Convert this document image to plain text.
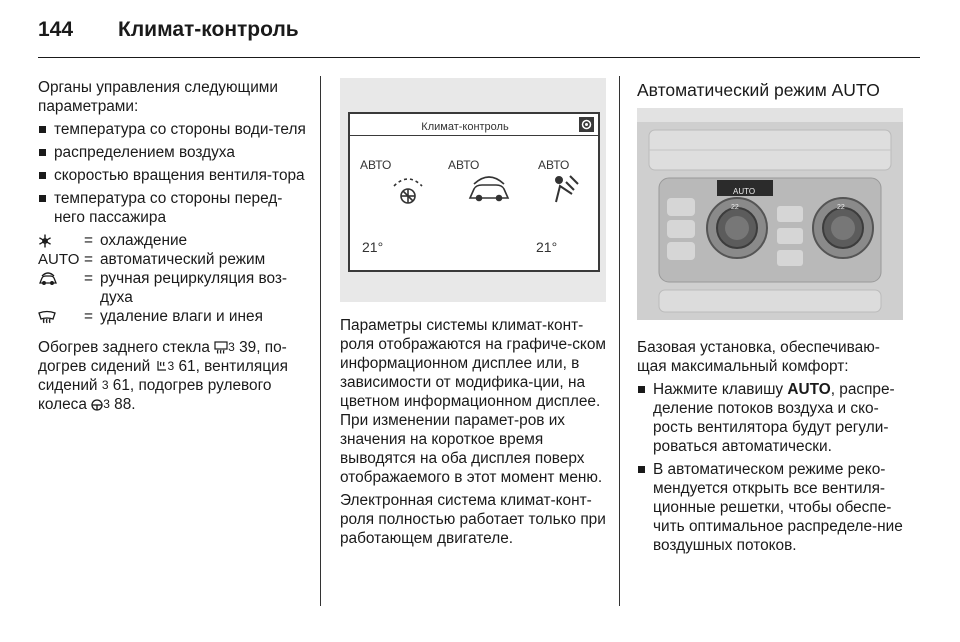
144 Климат-контроль

Органы управления следующими параметрами:

температура со стороны води-теля
распределением воздуха
скоростью вращения вентиля-тора
температура со стороны перед-него пассажира
= охлаждение
AUTO = автоматический режим
= ручная рециркуляция воз-духа
= удаление влаги и инея

Обогрев заднего стекла 3 39, по-догрев сидений 3 61, вентиляция сидений 3 61, подогрев рулевого колеса 3 88.

Климат-контроль
АВТО	АВТО	АВТО
21°	21°

Параметры системы климат-конт-роля отображаются на графиче-ском информационном дисплее или, в зависимости от модифика-ции, на цветном информационном дисплее. При изменении парамет-ров их значения на короткое время выводятся на оба дисплея поверх отображаемого в этот момент меню.

Электронная система климат-конт-роля полностью работает только при работающем двигателе.

Автоматический режим AUTO
AUTO
22	22

Базовая установка, обеспечиваю-щая максимальный комфорт:

Нажмите клавишу AUTO, распре-деление потоков воздуха и ско-рость вентилятора будут регули-роваться автоматически.
В автоматическом режиме реко-мендуется открыть все вентиля-ционные решетки, чтобы обеспе-чить оптимальное распределе-ние воздушных потоков.
